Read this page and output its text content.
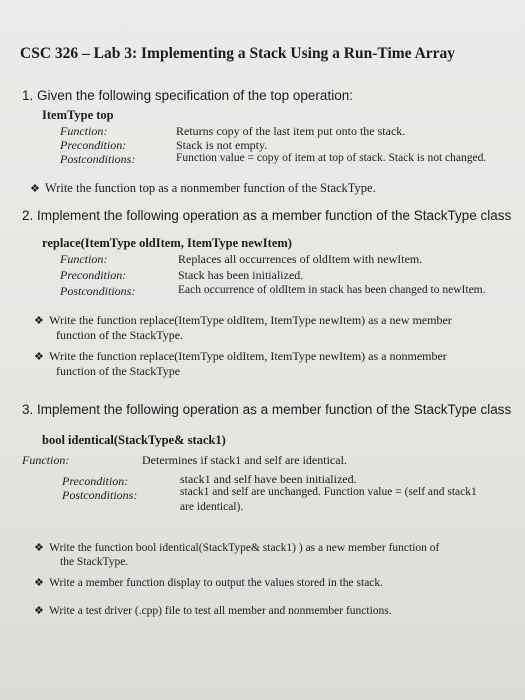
CSC 326 – Lab 3: Implementing a Stack Using a Run-Time Array
1. Given the following specification of the top operation:
ItemType top
Function:	Returns copy of the last item put onto the stack.
Precondition:	Stack is not empty.
Postconditions:	Function value = copy of item at top of stack. Stack is not changed.
❖ Write the function top as a nonmember function of the StackType.
2. Implement the following operation as a member function of the StackType class
replace(ItemType oldItem, ItemType newItem)
Function:	Replaces all occurrences of oldItem with newItem.
Precondition:	Stack has been initialized.
Postconditions:	Each occurrence of oldItem in stack has been changed to newItem.
❖ Write the function replace(ItemType oldItem, ItemType newItem) as a new member
function of the StackType.
❖ Write the function replace(ItemType oldItem, ItemType newItem) as a nonmember
function of the StackType
3. Implement the following operation as a member function of the StackType class
bool identical(StackType& stack1)
Function:	Determines if stack1 and self are identical.
Precondition:	stack1 and self have been initialized.
Postconditions:	stack1 and self are unchanged. Function value = (self and stack1
are identical).
❖ Write the function bool identical(StackType& stack1) ) as a new member function of
the StackType.
❖ Write a member function display to output the values stored in the stack.
❖ Write a test driver (.cpp) file to test all member and nonmember functions.
